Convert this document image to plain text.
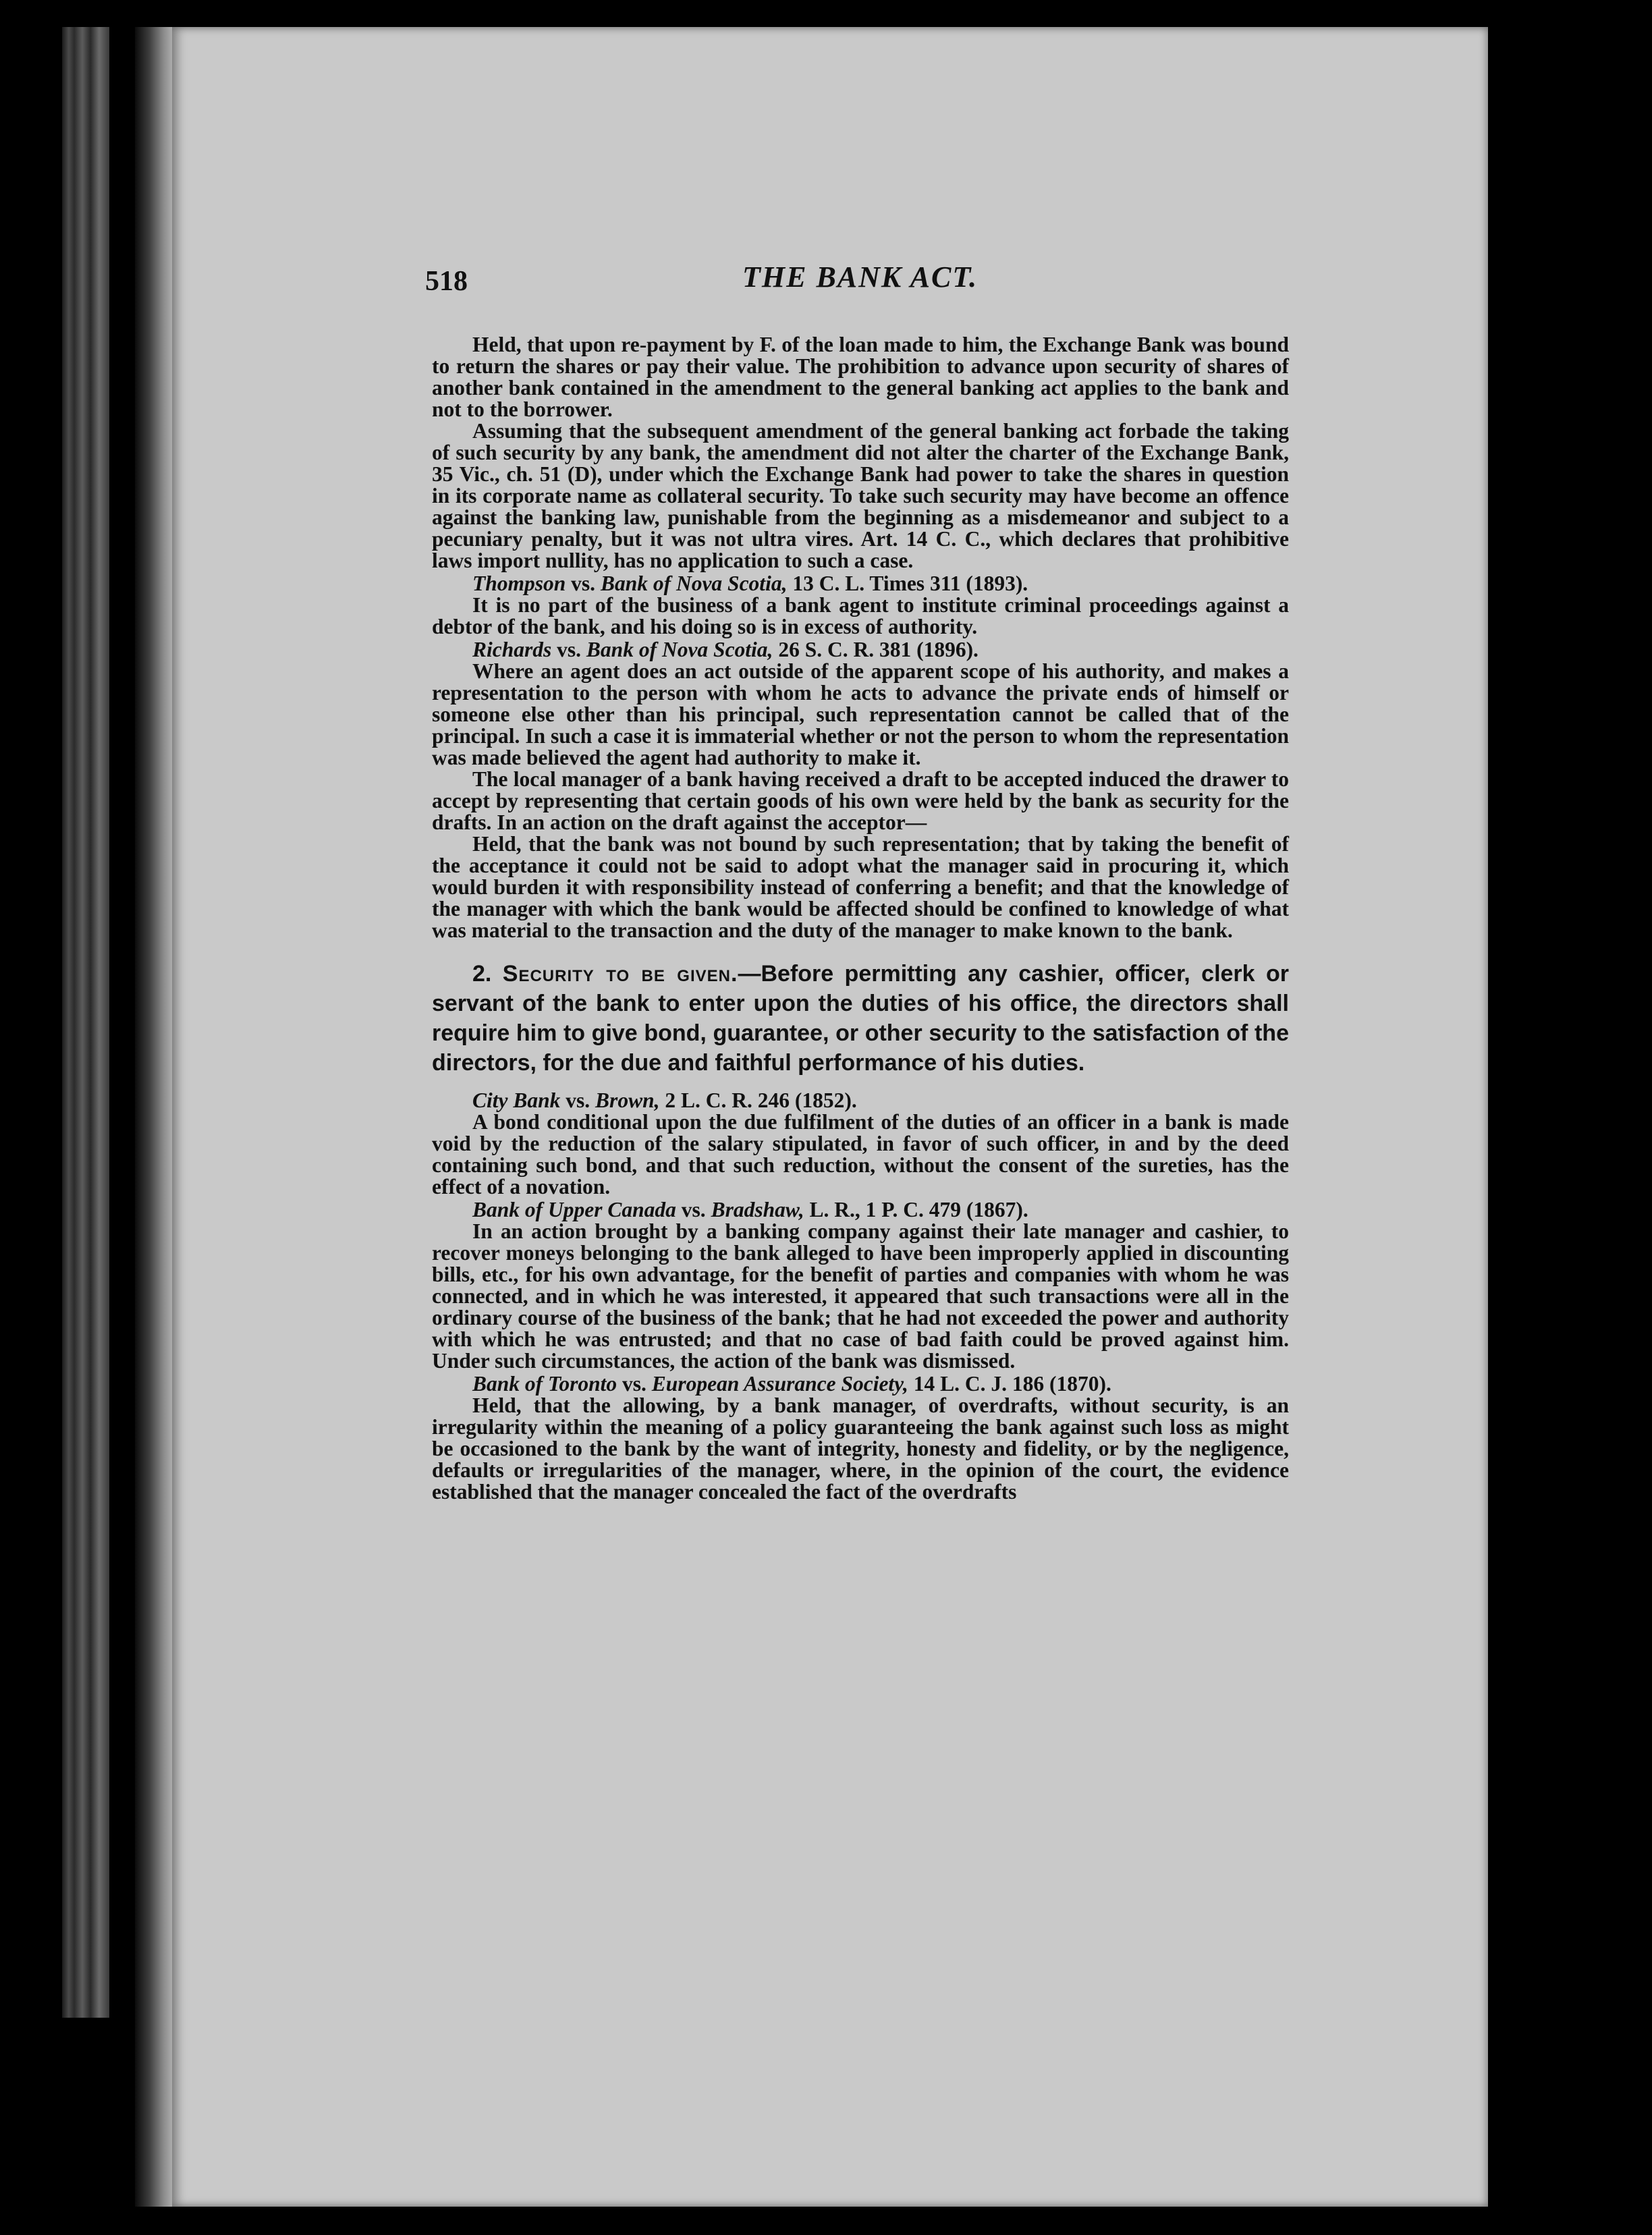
518	THE BANK ACT.

Held, that upon re-payment by F. of the loan made to him, the Exchange Bank was bound to return the shares or pay their value. The prohibition to advance upon security of shares of another bank contained in the amendment to the general banking act applies to the bank and not to the borrower.

Assuming that the subsequent amendment of the general banking act forbade the taking of such security by any bank, the amendment did not alter the charter of the Exchange Bank, 35 Vic., ch. 51 (D), under which the Exchange Bank had power to take the shares in question in its corporate name as collateral security. To take such security may have become an offence against the banking law, punishable from the beginning as a misdemeanor and subject to a pecuniary penalty, but it was not ultra vires. Art. 14 C. C., which declares that prohibitive laws import nullity, has no application to such a case.

Thompson vs. Bank of Nova Scotia, 13 C. L. Times 311 (1893).

It is no part of the business of a bank agent to institute criminal proceedings against a debtor of the bank, and his doing so is in excess of authority.

Richards vs. Bank of Nova Scotia, 26 S. C. R. 381 (1896).

Where an agent does an act outside of the apparent scope of his authority, and makes a representation to the person with whom he acts to advance the private ends of himself or someone else other than his principal, such representation cannot be called that of the principal. In such a case it is immaterial whether or not the person to whom the representation was made believed the agent had authority to make it.

The local manager of a bank having received a draft to be accepted induced the drawer to accept by representing that certain goods of his own were held by the bank as security for the drafts. In an action on the draft against the acceptor—

Held, that the bank was not bound by such representation; that by taking the benefit of the acceptance it could not be said to adopt what the manager said in procuring it, which would burden it with responsibility instead of conferring a benefit; and that the knowledge of the manager with which the bank would be affected should be confined to knowledge of what was material to the transaction and the duty of the manager to make known to the bank.

2. Security to be given.—Before permitting any cashier, officer, clerk or servant of the bank to enter upon the duties of his office, the directors shall require him to give bond, guarantee, or other security to the satisfaction of the directors, for the due and faithful performance of his duties.

City Bank vs. Brown, 2 L. C. R. 246 (1852).

A bond conditional upon the due fulfilment of the duties of an officer in a bank is made void by the reduction of the salary stipulated, in favor of such officer, in and by the deed containing such bond, and that such reduction, without the consent of the sureties, has the effect of a novation.

Bank of Upper Canada vs. Bradshaw, L. R., 1 P. C. 479 (1867).

In an action brought by a banking company against their late manager and cashier, to recover moneys belonging to the bank alleged to have been improperly applied in discounting bills, etc., for his own advantage, for the benefit of parties and companies with whom he was connected, and in which he was interested, it appeared that such transactions were all in the ordinary course of the business of the bank; that he had not exceeded the power and authority with which he was entrusted; and that no case of bad faith could be proved against him. Under such circumstances, the action of the bank was dismissed.

Bank of Toronto vs. European Assurance Society, 14 L. C. J. 186 (1870).

Held, that the allowing, by a bank manager, of overdrafts, without security, is an irregularity within the meaning of a policy guaranteeing the bank against such loss as might be occasioned to the bank by the want of integrity, honesty and fidelity, or by the negligence, defaults or irregularities of the manager, where, in the opinion of the court, the evidence established that the manager concealed the fact of the overdrafts
